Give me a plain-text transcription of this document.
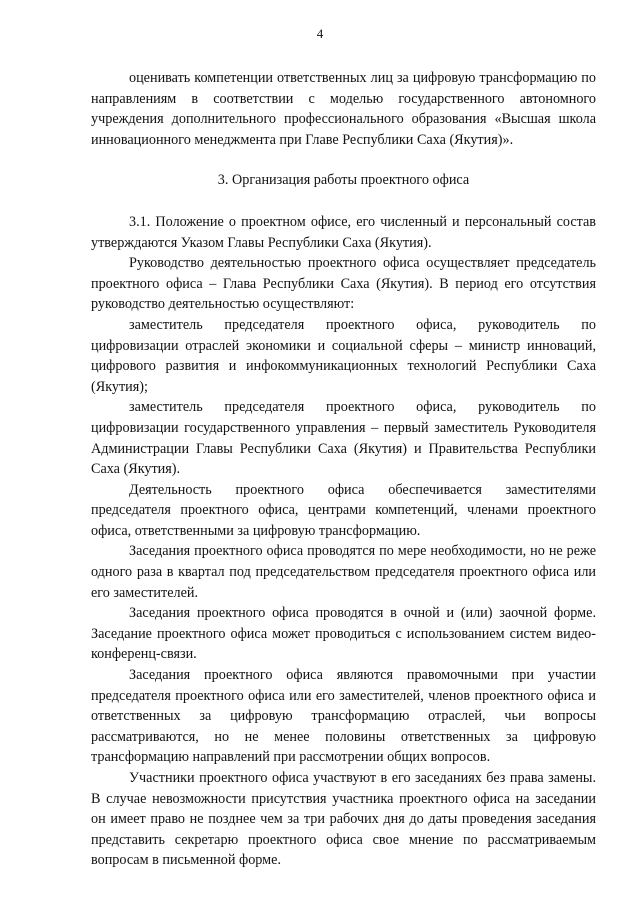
4

оценивать компетенции ответственных лиц за цифровую трансформацию по направлениям в соответствии с моделью государственного автономного учреждения дополнительного профессионального образования «Высшая школа инновационного менеджмента при Главе Республики Саха (Якутия)».

3. Организация работы проектного офиса

3.1. Положение о проектном офисе, его численный и персональный состав утверждаются Указом Главы Республики Саха (Якутия).

Руководство деятельностью проектного офиса осуществляет председатель проектного офиса – Глава Республики Саха (Якутия). В период его отсутствия руководство деятельностью осуществляют:

заместитель председателя проектного офиса, руководитель по цифровизации отраслей экономики и социальной сферы – министр инноваций, цифрового развития и инфокоммуникационных технологий Республики Саха (Якутия);

заместитель председателя проектного офиса, руководитель по цифровизации государственного управления – первый заместитель Руководителя Администрации Главы Республики Саха (Якутия) и Правительства Республики Саха (Якутия).

Деятельность проектного офиса обеспечивается заместителями председателя проектного офиса, центрами компетенций, членами проектного офиса, ответственными за цифровую трансформацию.

Заседания проектного офиса проводятся по мере необходимости, но не реже одного раза в квартал под председательством председателя проектного офиса или его заместителей.

Заседания проектного офиса проводятся в очной и (или) заочной форме. Заседание проектного офиса может проводиться с использованием систем видео-конференц-связи.

Заседания проектного офиса являются правомочными при участии председателя проектного офиса или его заместителей, членов проектного офиса и ответственных за цифровую трансформацию отраслей, чьи вопросы рассматриваются, но не менее половины ответственных за цифровую трансформацию направлений при рассмотрении общих вопросов.

Участники проектного офиса участвуют в его заседаниях без права замены. В случае невозможности присутствия участника проектного офиса на заседании он имеет право не позднее чем за три рабочих дня до даты проведения заседания представить секретарю проектного офиса свое мнение по рассматриваемым вопросам в письменной форме.
